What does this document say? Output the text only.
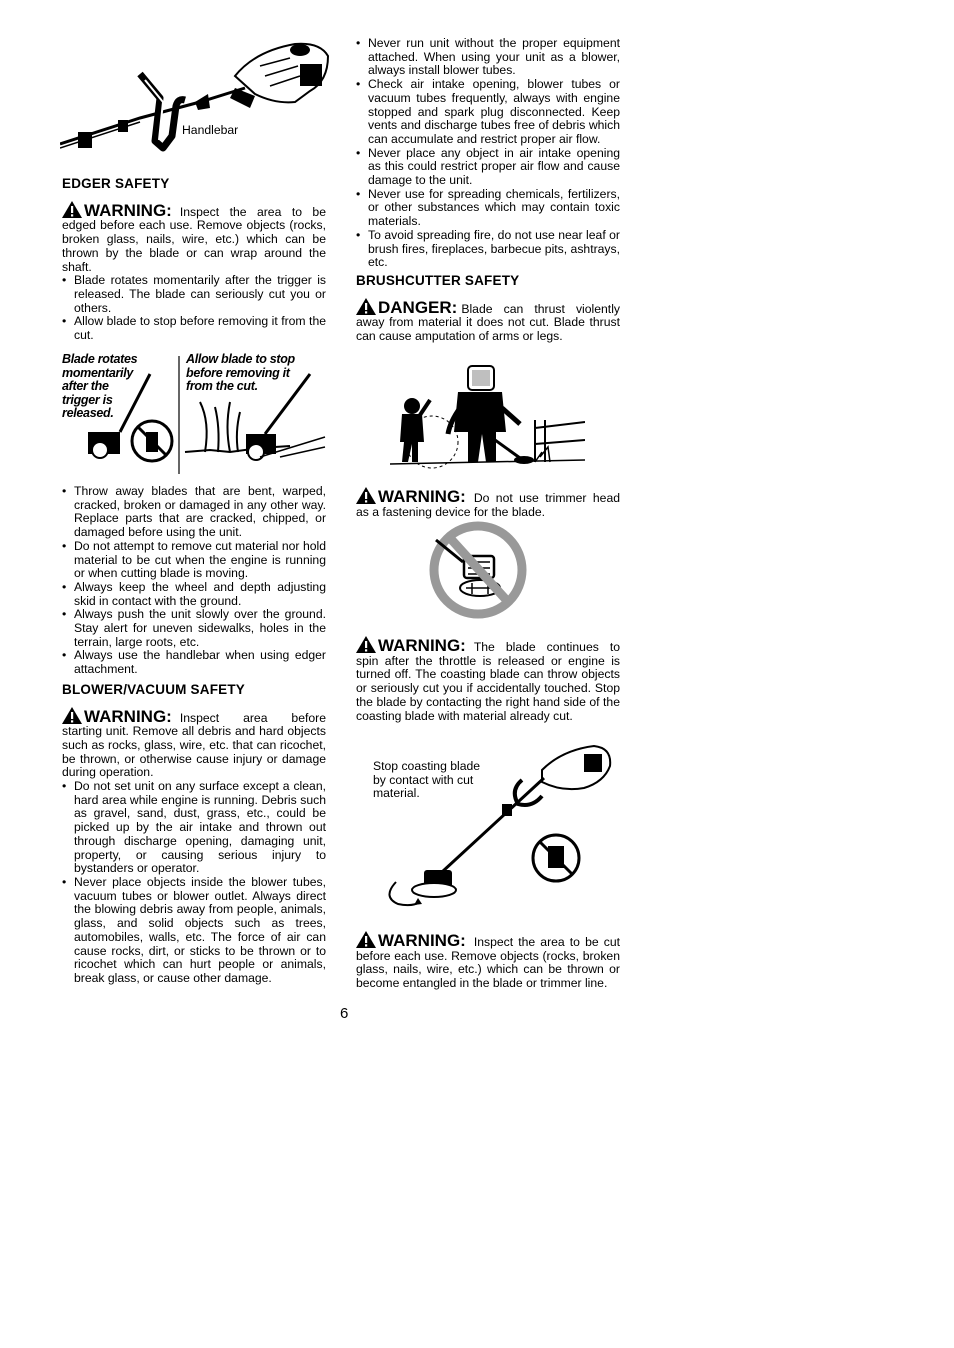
Handlebar

EDGER SAFETY

WARNING: Inspect the area to be edged before each use. Remove objects (rocks, broken glass, nails, wire, etc.) which can be thrown by the blade or can wrap around the shaft.

• Blade rotates momentarily after the trigger is released. The blade can seriously cut you or others.
• Allow blade to stop before removing it from the cut.
Blade rotates momentarily after the trigger is released.
Allow blade to stop before removing it from the cut.
• Throw away blades that are bent, warped, cracked, broken or damaged in any other way. Replace parts that are cracked, chipped, or damaged before using the unit.
• Do not attempt to remove cut material nor hold material to be cut when the engine is running or when cutting blade is moving.
• Always keep the wheel and depth adjusting skid in contact with the ground.
• Always push the unit slowly over the ground. Stay alert for uneven sidewalks, holes in the terrain, large roots, etc.
• Always use the handlebar when using edger attachment.

BLOWER/VACUUM SAFETY

WARNING: Inspect area before starting unit. Remove all debris and hard objects such as rocks, glass, wire, etc. that can ricochet, be thrown, or otherwise cause injury or damage during operation.

• Do not set unit on any surface except a clean, hard area while engine is running. Debris such as gravel, sand, dust, grass, etc., could be picked up by the air intake and thrown out through discharge opening, damaging unit, property, or causing serious injury to bystanders or operator.
• Never place objects inside the blower tubes, vacuum tubes or blower outlet. Always direct the blowing debris away from people, animals, glass, and solid objects such as trees, automobiles, walls, etc. The force of air can cause rocks, dirt, or sticks to be thrown or to ricochet which can hurt people or animals, break glass, or cause other damage.
• Never run unit without the proper equipment attached. When using your unit as a blower, always install blower tubes.
• Check air intake opening, blower tubes or vacuum tubes frequently, always with engine stopped and spark plug disconnected. Keep vents and discharge tubes free of debris which can accumulate and restrict proper air flow.
• Never place any object in air intake opening as this could restrict proper air flow and cause damage to the unit.
• Never use for spreading chemicals, fertilizers, or other substances which may contain toxic materials.
• To avoid spreading fire, do not use near leaf or brush fires, fireplaces, barbecue pits, ashtrays, etc.

BRUSHCUTTER SAFETY

DANGER: Blade can thrust violently away from material it does not cut. Blade thrust can cause amputation of arms or legs.

WARNING: Do not use trimmer head as a fastening device for the blade.

WARNING: The blade continues to spin after the throttle is released or engine is turned off. The coasting blade can throw objects or seriously cut you if accidentally touched. Stop the blade by contacting the right hand side of the coasting blade with material already cut.

Stop coasting blade by contact with cut material.

WARNING: Inspect the area to be cut before each use. Remove objects (rocks, broken glass, nails, wire, etc.) which can be thrown or become entangled in the blade or trimmer line.

6
